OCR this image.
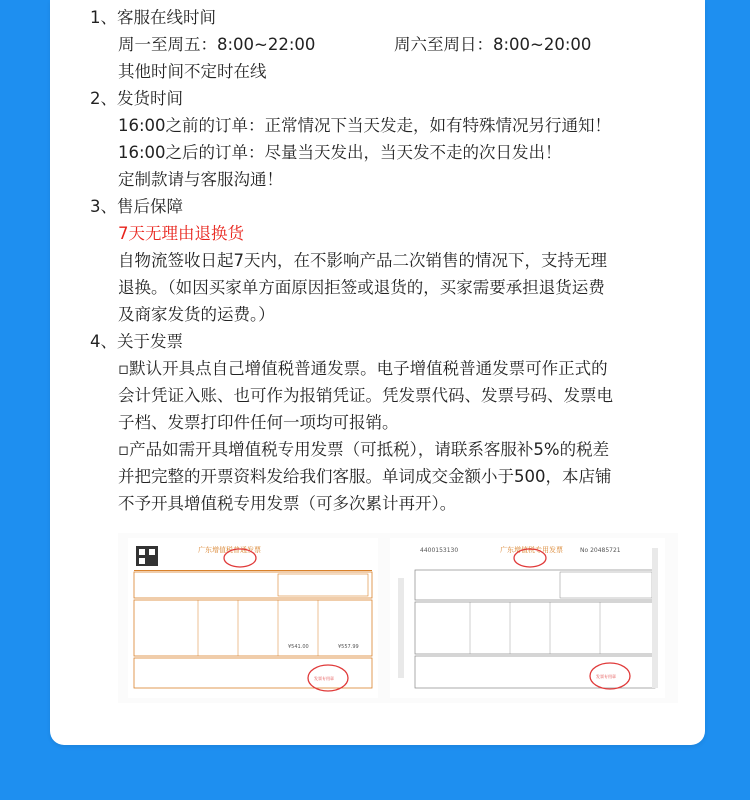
1、客服在线时间
周一至周五：8:00~22:00	周六至周日：8:00~20:00
其他时间不定时在线
2、发货时间
16:00之前的订单：正常情况下当天发走，如有特殊情况另行通知！
16:00之后的订单：尽量当天发出，当天发不走的次日发出！
定制款请与客服沟通！
3、售后保障
7天无理由退换货
自物流签收日起7天内，在不影响产品二次销售的情况下，支持无理
退换。（如因买家单方面原因拒签或退货的，买家需要承担退货运费
及商家发货的运费。）
4、关于发票
▫默认开具点自己增值税普通发票。电子增值税普通发票可作正式的
会计凭证入账、也可作为报销凭证。凭发票代码、发票号码、发票电
子档、发票打印件任何一项均可报销。
▫产品如需开具增值税专用发票（可抵税），请联系客服补5%的税差
并把完整的开票资料发给我们客服。单词成交金额小于500，本店铺
不予开具增值税专用发票（可多次累计再开）。
广东增值税普通发票
¥541.00	¥557.99
发票专用章
4400153130	广东增值税专用发票	No 20485721
发票专用章
